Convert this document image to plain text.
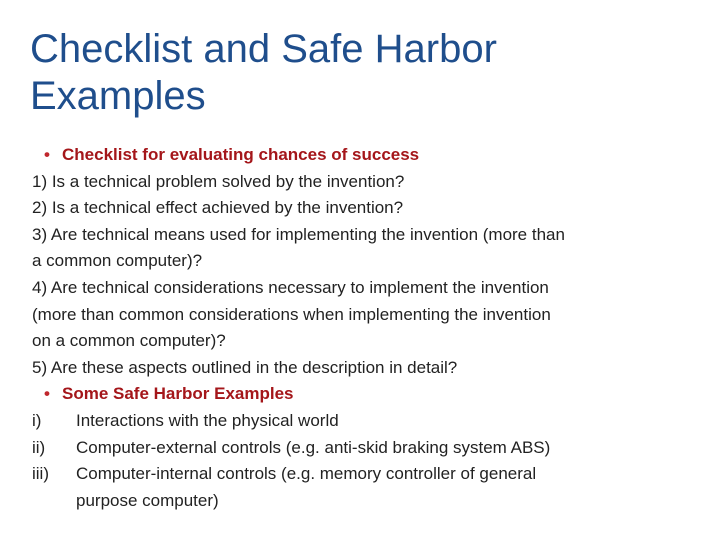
Checklist and Safe Harbor
Examples
• Checklist for evaluating chances of success
1) Is a technical problem solved by the invention?
2) Is a technical effect achieved by the invention?
3) Are technical means used for implementing the invention (more than
a common computer)?
4) Are technical considerations necessary to implement the invention
(more than common considerations when implementing the invention
on a common computer)?
5) Are these aspects outlined in the description in detail?
• Some Safe Harbor Examples
i)	Interactions with the physical world
ii)	Computer-external controls (e.g. anti-skid braking system ABS)
iii)	Computer-internal controls (e.g. memory controller of general
purpose computer)
